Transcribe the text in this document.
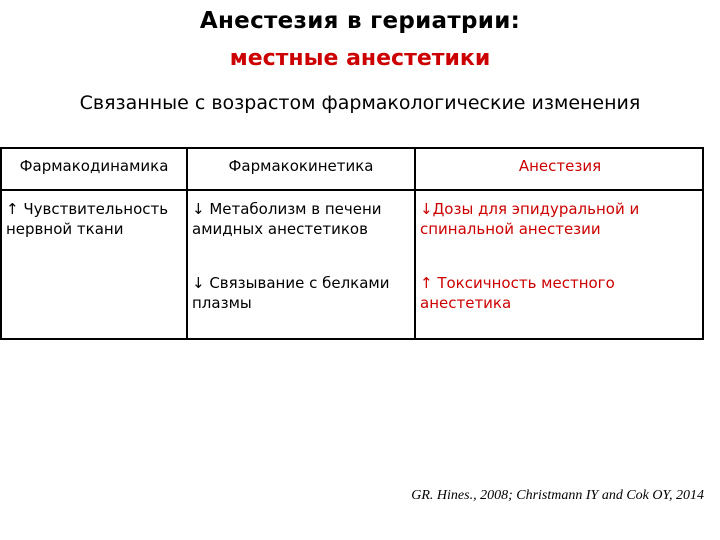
Анестезия в гериатрии:
местные анестетики
Связанные с возрастом фармакологические изменения
Фармакодинамика	Фармакокинетика	Анестезия
↑ Чувствительность
нервной ткани
↓ Метаболизм в печени
амидных анестетиков
↓Дозы для эпидуральной и
спинальной анестезии
↓ Связывание с белками
плазмы
↑ Токсичность местного
анестетика
GR. Hines., 2008; Christmann IY and Cok OY, 2014
